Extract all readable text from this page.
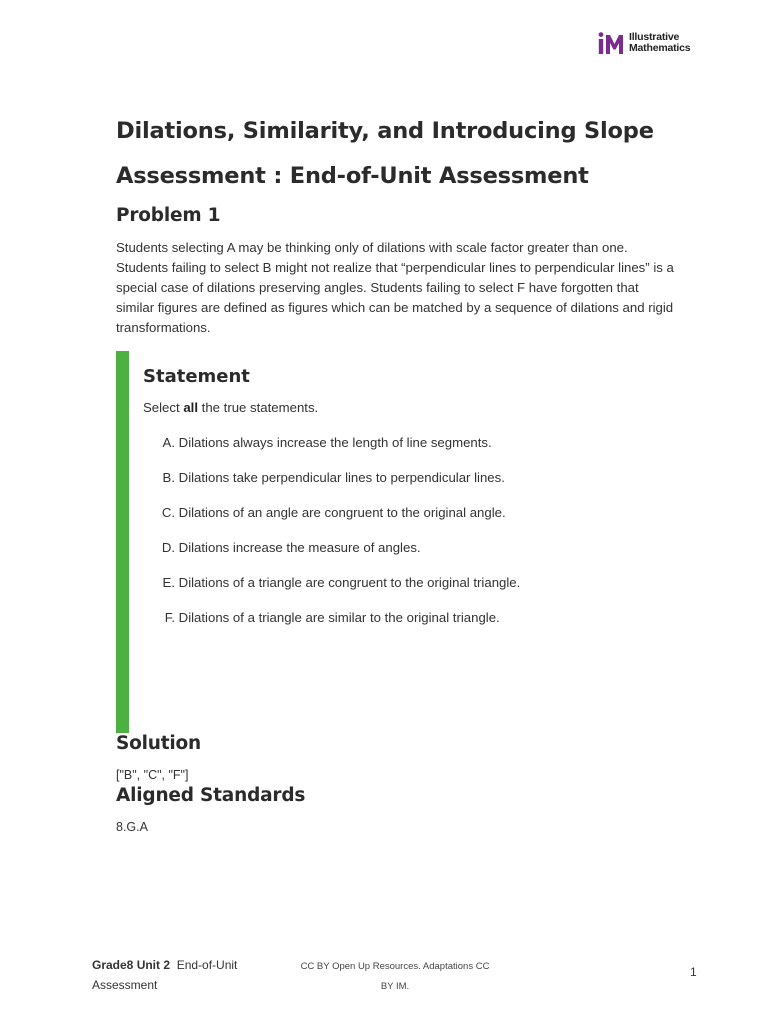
Illustrative
Mathematics
Dilations, Similarity, and Introducing Slope
Assessment : End-of-Unit Assessment
Problem 1

Students selecting A may be thinking only of dilations with scale factor greater than one. Students failing to select B might not realize that “perpendicular lines to perpendicular lines” is a special case of dilations preserving angles. Students failing to select F have forgotten that similar figures are defined as figures which can be matched by a sequence of dilations and rigid transformations.

Statement
Select all the true statements.
A. Dilations always increase the length of line segments.
B. Dilations take perpendicular lines to perpendicular lines.
C. Dilations of an angle are congruent to the original angle.
D. Dilations increase the measure of angles.
E. Dilations of a triangle are congruent to the original triangle.
F. Dilations of a triangle are similar to the original triangle.
Solution
["B", "C", "F"]
Aligned Standards
8.G.A
Grade8 Unit 2 End-of-Unit
Assessment
CC BY Open Up Resources. Adaptations CC
BY IM.
1
